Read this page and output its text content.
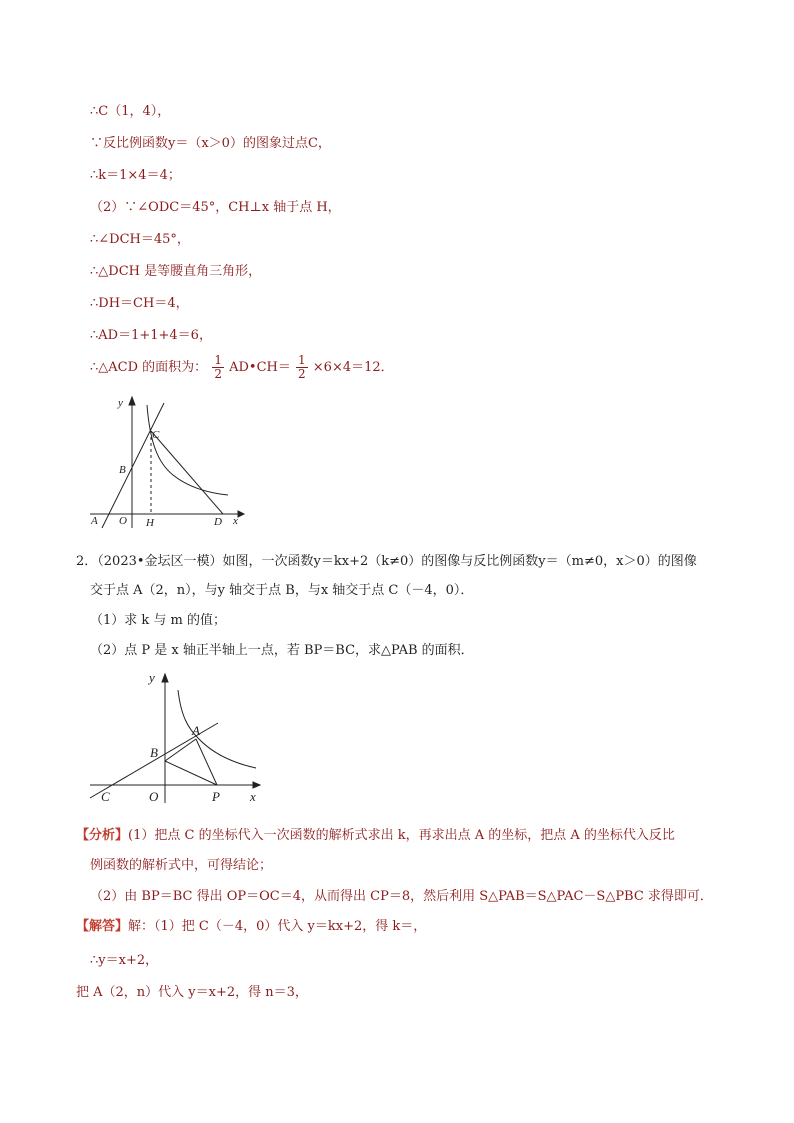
∴C（1，4），
∵反比例函数y＝（x＞0）的图象过点C，
∴k＝1×4＝4；
（2）∵∠ODC＝45°，CH⊥x 轴于点 H，
∴∠DCH＝45°，
∴△DCH 是等腰直角三角形，
∴DH＝CH＝4，
∴AD＝1+1+4＝6，
∴△ACD 的面积为： $\frac{1}{2}$ AD•CH＝ $\frac{1}{2} \times 6\times 4=12$．
y
C
B
A O H	D x
2．（2023•金坛区一模）如图，一次函数y＝kx+2（k≠0）的图像与反比例函数y＝（m≠0，x＞0）的图像
交于点 A（2，n），与y 轴交于点 B，与x 轴交于点 C（－4，0）．
（1）求 k 与 m 的值；
（2）点 P 是 x 轴正半轴上一点，若 BP＝BC，求△PAB 的面积．
y
A
B
C	O	P x
【分析】(1）把点 C 的坐标代入一次函数的解析式求出 k，再求出点 A 的坐标，把点 A 的坐标代入反比
例函数的解析式中，可得结论；
（2）由 BP＝BC 得出 OP＝OC＝4，从而得出 CP＝8，然后利用 S△PAB＝S△PAC－S△PBC 求得即可．
【解答】解：（1）把 C（－4，0）代入 y＝kx+2，得 k＝，
∴y＝x+2，
把 A（2，n）代入 y＝x+2，得 n＝3，
